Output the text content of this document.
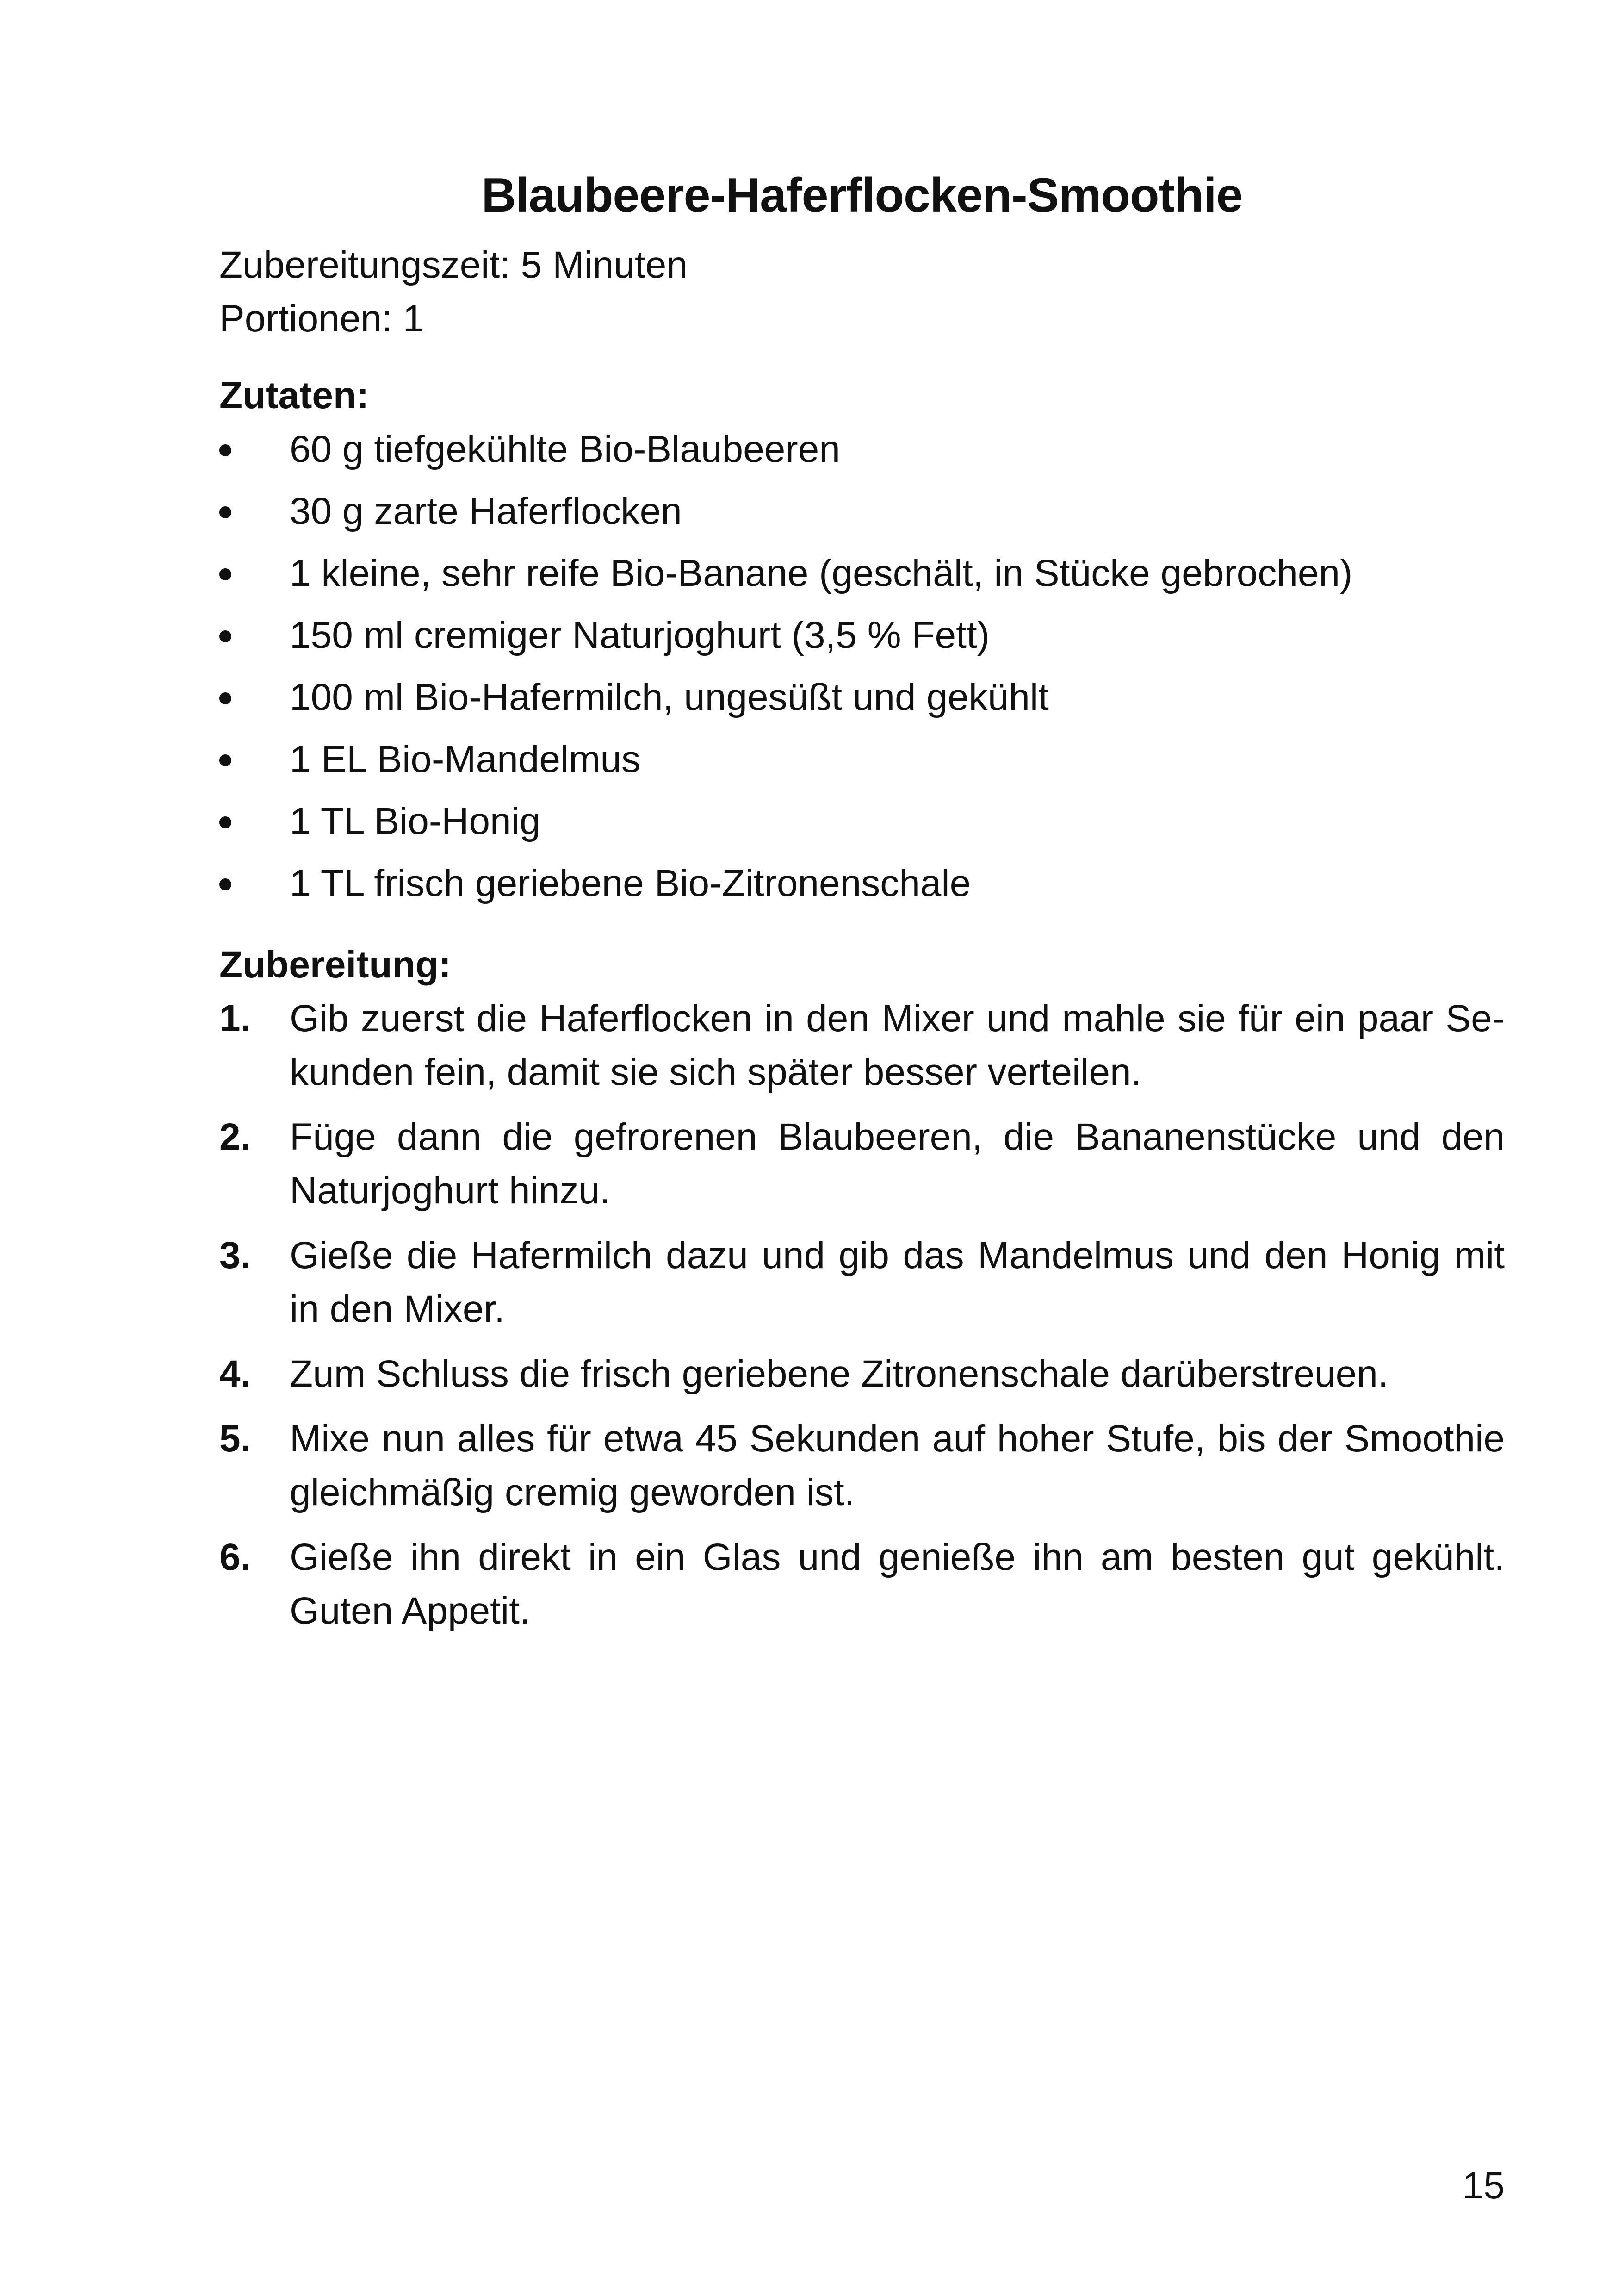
Blaubeere-Haferflocken-Smoothie

Zubereitungszeit: 5 Minuten

Portionen: 1

Zutaten:

60 g tiefgekühlte Bio-Blaubeeren
30 g zarte Haferflocken
1 kleine, sehr reife Bio-Banane (geschält, in Stücke gebrochen)
150 ml cremiger Naturjoghurt (3,5 % Fett)
100 ml Bio-Hafermilch, ungesüßt und gekühlt
1 EL Bio-Mandelmus
1 TL Bio-Honig
1 TL frisch geriebene Bio-Zitronenschale

Zubereitung:

1. Gib zuerst die Haferflocken in den Mixer und mahle sie für ein paar Sekunden fein, damit sie sich später besser verteilen.
2. Füge dann die gefrorenen Blaubeeren, die Bananenstücke und den Naturjoghurt hinzu.
3. Gieße die Hafermilch dazu und gib das Mandelmus und den Honig mit in den Mixer.
4. Zum Schluss die frisch geriebene Zitronenschale darüberstreuen.
5. Mixe nun alles für etwa 45 Sekunden auf hoher Stufe, bis der Smoothie gleichmäßig cremig geworden ist.
6. Gieße ihn direkt in ein Glas und genieße ihn am besten gut gekühlt. Guten Appetit.
15
